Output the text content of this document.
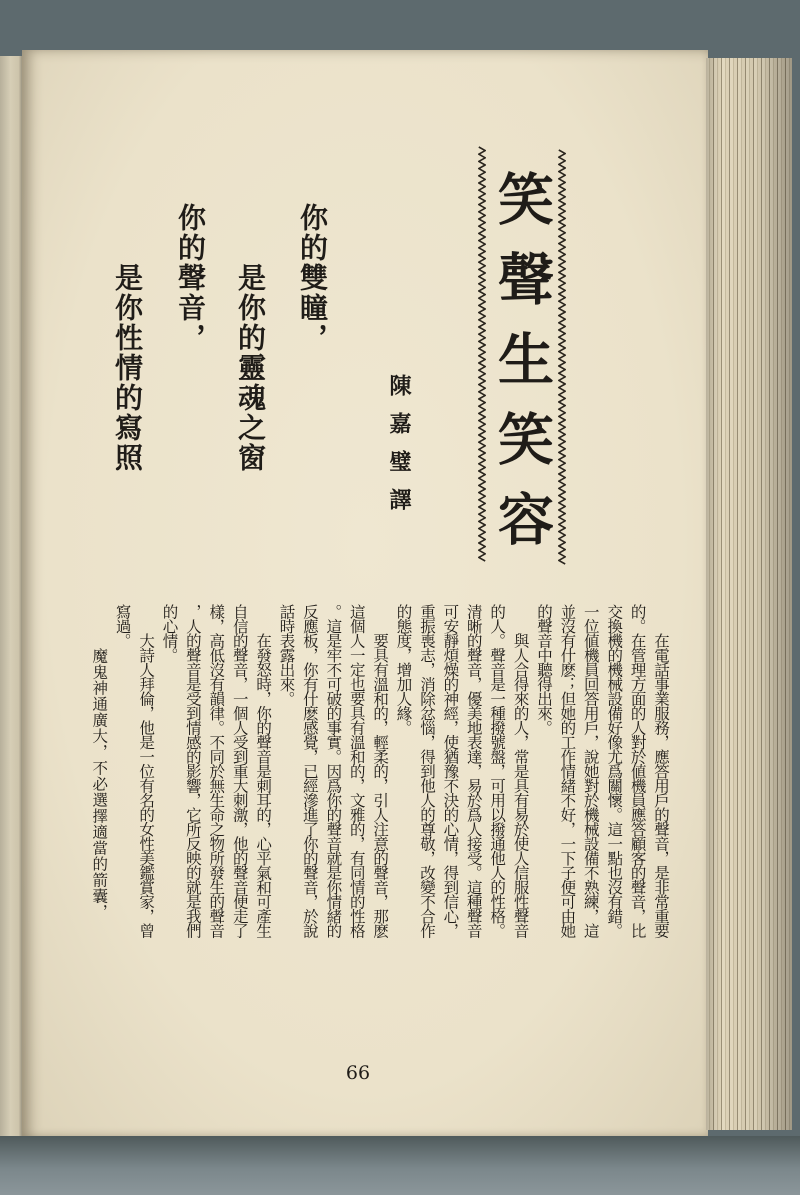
笑聲生笑容
陳嘉璧譯
你的雙瞳，
是你的靈魂之窗
你的聲音，
是你性情的寫照
在電話事業服務，應答用戶的聲音，是非常重要
的。在管理方面的人對於値機員應答顧客的聲音，比
交換機的機械設備好像尤爲關懷。這一點也沒有錯。
一位値機員回答用戶，說她對於機械設備不熟練，這
並沒有什麽；但她的工作情緒不好，一下子便可由她
的聲音中聽得出來。
與人合得來的人，常是具有易於使人信服性聲音
的人。聲音是一種撥號盤，可用以撥通他人的性格。
清晰的聲音，優美地表達，易於爲人接受。這種聲音
可安靜煩燥的神經，使猶豫不決的心情，得到信心，
重振喪志，消除忿惱，得到他人的尊敬，改變不合作
的態度，增加人緣。
要具有溫和的，輕柔的，引人注意的聲音，那麽
這個人一定也要具有溫和的，文雅的，有同情的性格
。這是牢不可破的事實。因爲你的聲音就是你情緒的
反應板，你有什麽感覺，已經滲進了你的聲音，於說
話時表露出來。
在發怒時，你的聲音是刺耳的，心平氣和可產生
自信的聲音，一個人受到重大刺激，他的聲音便走了
樣，高低沒有韻律。不同於無生命之物所發生的聲音
，人的聲音是受到情感的影響，它所反映的就是我們
的心情。
大詩人拜倫，他是一位有名的女性美鑑賞家，曾
寫過。
魔鬼神通廣大，不必選擇適當的箭囊，
66
